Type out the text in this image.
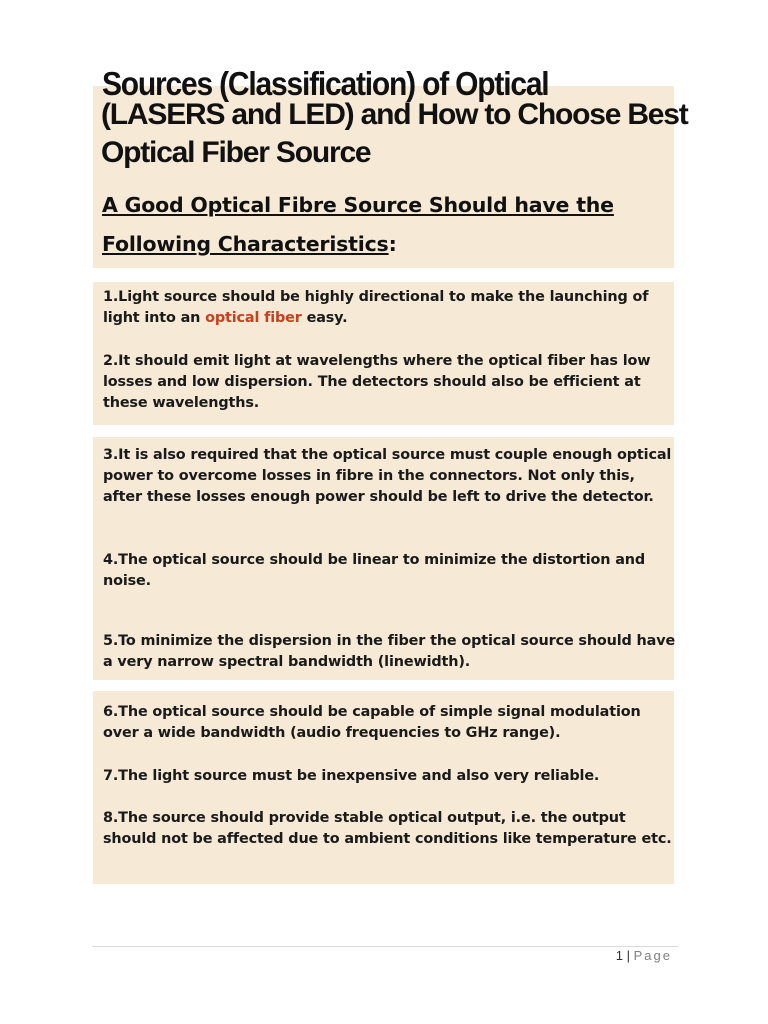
Sources (Classification) of Optical

(LASERS and LED) and How to Choose Best
Optical Fiber Source
A Good Optical Fibre Source Should have the
Following Characteristics:

1.Light source should be highly directional to make the launching of light into an optical fiber easy.

2.It should emit light at wavelengths where the optical fiber has low losses and low dispersion. The detectors should also be efficient at these wavelengths.

3.It is also required that the optical source must couple enough optical power to overcome losses in fibre in the connectors. Not only this, after these losses enough power should be left to drive the detector.

4.The optical source should be linear to minimize the distortion and noise.

5.To minimize the dispersion in the fiber the optical source should have a very narrow spectral bandwidth (linewidth).

6.The optical source should be capable of simple signal modulation over a wide bandwidth (audio frequencies to GHz range).

7.The light source must be inexpensive and also very reliable.

8.The source should provide stable optical output, i.e. the output should not be affected due to ambient conditions like temperature etc.

1 | Page
